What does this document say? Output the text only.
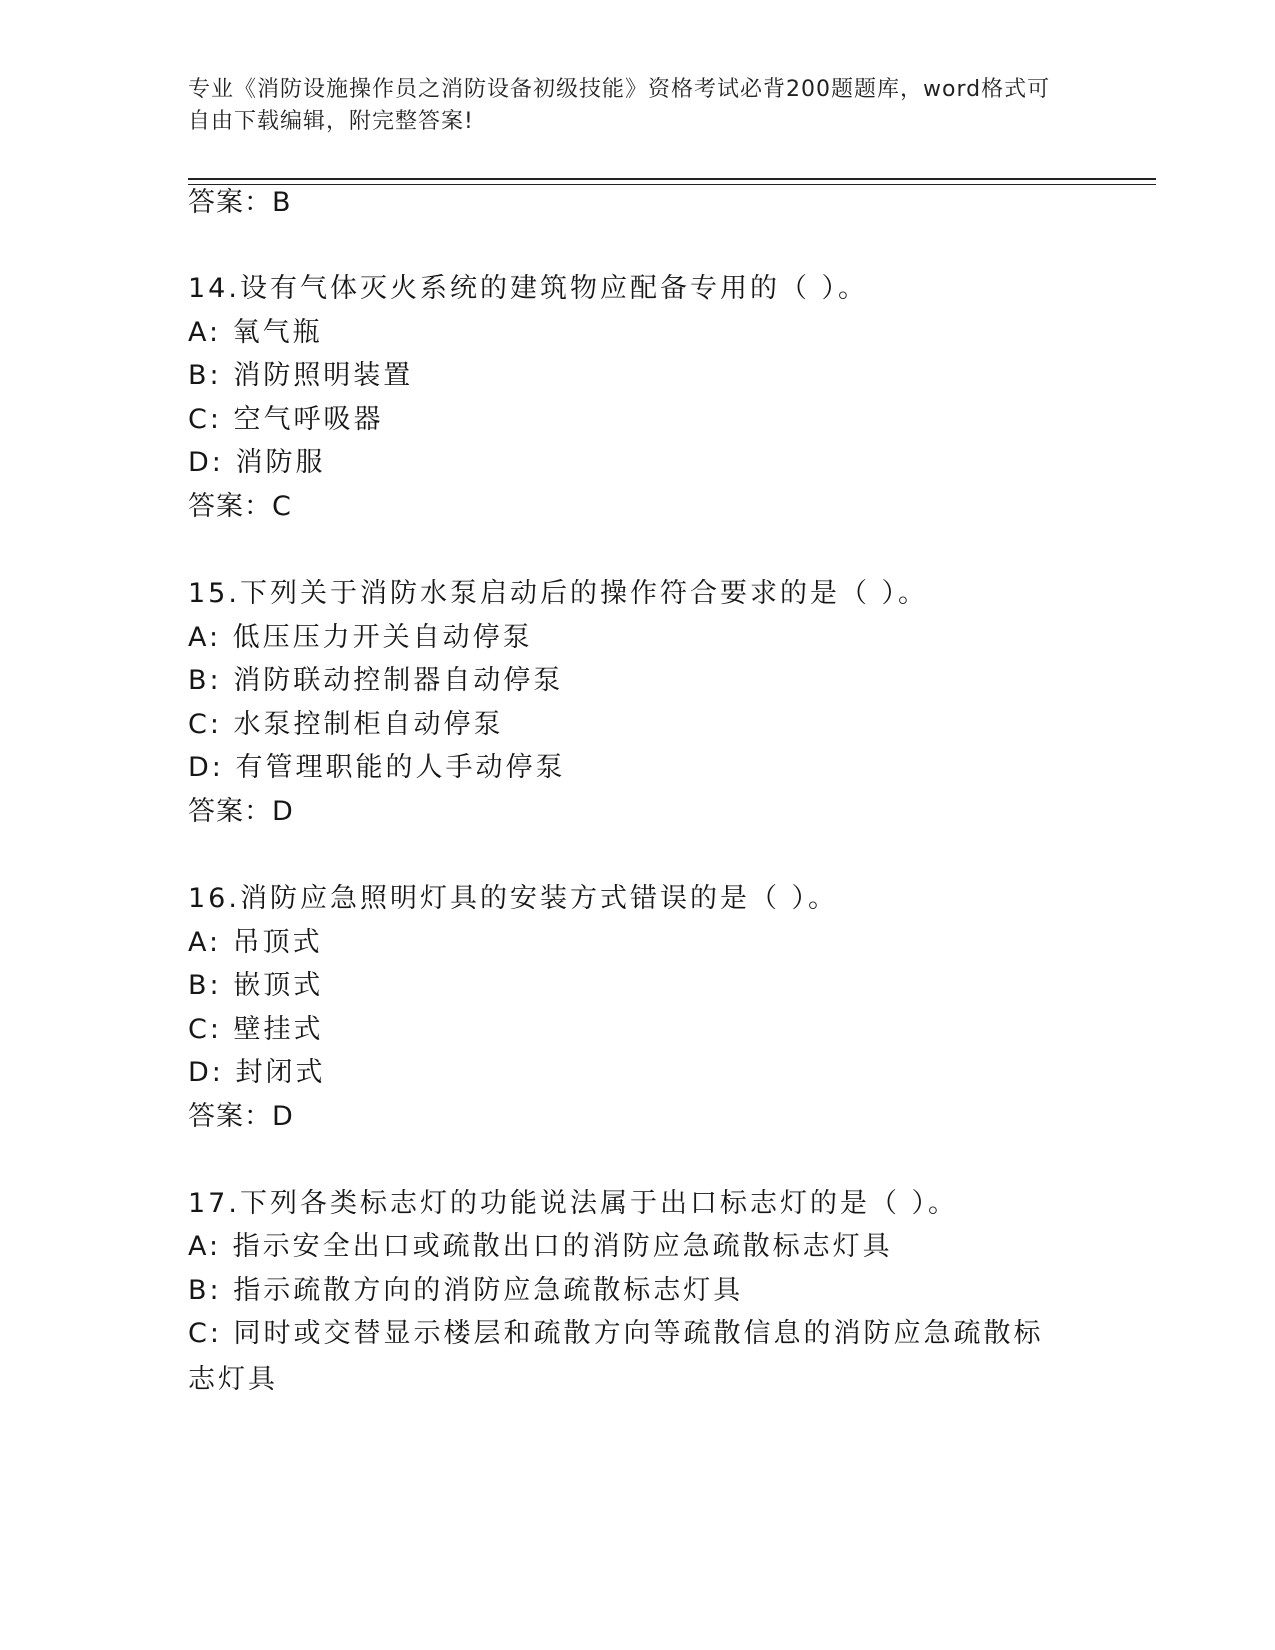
专业《消防设施操作员之消防设备初级技能》资格考试必背200题题库，word格式可自由下载编辑，附完整答案!
答案：B
14.设有气体灭火系统的建筑物应配备专用的（ ）。
A: 氧气瓶
B: 消防照明装置
C: 空气呼吸器
D: 消防服
答案：C
15.下列关于消防水泵启动后的操作符合要求的是（ ）。
A: 低压压力开关自动停泵
B: 消防联动控制器自动停泵
C: 水泵控制柜自动停泵
D: 有管理职能的人手动停泵
答案：D
16.消防应急照明灯具的安装方式错误的是（ ）。
A: 吊顶式
B: 嵌顶式
C: 壁挂式
D: 封闭式
答案：D
17.下列各类标志灯的功能说法属于出口标志灯的是（ ）。
A: 指示安全出口或疏散出口的消防应急疏散标志灯具
B: 指示疏散方向的消防应急疏散标志灯具
C: 同时或交替显示楼层和疏散方向等疏散信息的消防应急疏散标志灯具
